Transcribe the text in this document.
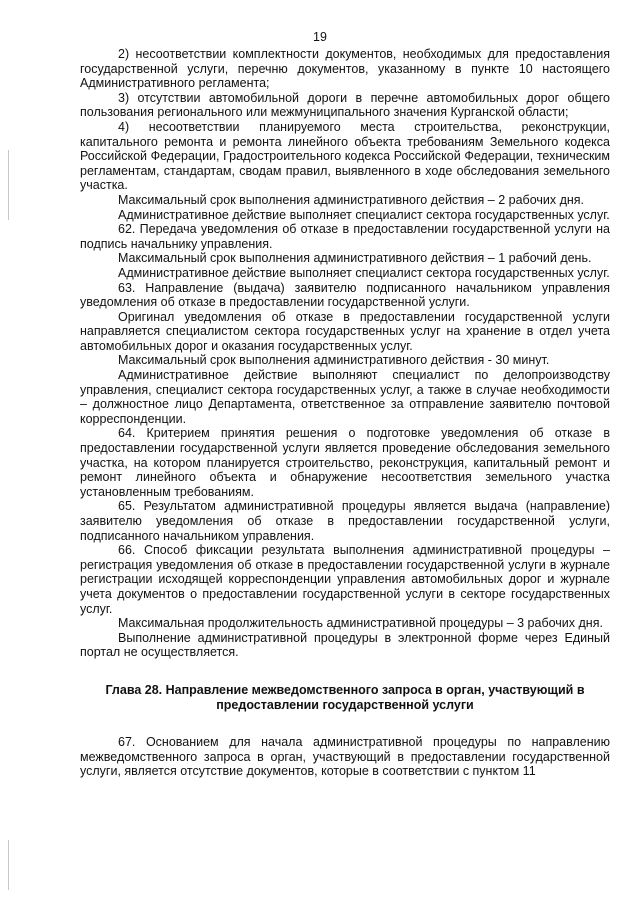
19

2) несоответствии комплектности документов, необходимых для предоставления государственной услуги, перечню документов, указанному в пункте 10 настоящего Административного регламента;

3) отсутствии автомобильной дороги в перечне автомобильных дорог общего пользования регионального или межмуниципального значения Курганской области;

4) несоответствии планируемого места строительства, реконструкции, капитального ремонта и ремонта линейного объекта требованиям Земельного кодекса Российской Федерации, Градостроительного кодекса Российской Федерации, техническим регламентам, стандартам, сводам правил, выявленного в ходе обследования земельного участка.

Максимальный срок выполнения административного действия – 2 рабочих дня.

Административное действие выполняет специалист сектора государственных услуг.

62. Передача уведомления об отказе в предоставлении государственной услуги на подпись начальнику управления.

Максимальный срок выполнения административного действия – 1 рабочий день.

Административное действие выполняет специалист сектора государственных услуг.

63. Направление (выдача) заявителю подписанного начальником управления уведомления об отказе в предоставлении государственной услуги.

Оригинал уведомления об отказе в предоставлении государственной услуги направляется специалистом сектора государственных услуг на хранение в отдел учета автомобильных дорог и оказания государственных услуг.

Максимальный срок выполнения административного действия - 30 минут.

Административное действие выполняют специалист по делопроизводству управления, специалист сектора государственных услуг, а также в случае необходимости – должностное лицо Департамента, ответственное за отправление заявителю почтовой корреспонденции.

64. Критерием принятия решения о подготовке уведомления об отказе в предоставлении государственной услуги является проведение обследования земельного участка, на котором планируется строительство, реконструкция, капитальный ремонт и ремонт линейного объекта и обнаружение несоответствия земельного участка установленным требованиям.

65. Результатом административной процедуры является выдача (направление) заявителю уведомления об отказе в предоставлении государственной услуги, подписанного начальником управления.

66. Способ фиксации результата выполнения административной процедуры – регистрация уведомления об отказе в предоставлении государственной услуги в журнале регистрации исходящей корреспонденции управления автомобильных дорог и журнале учета документов о предоставлении государственной услуги в секторе государственных услуг.

Максимальная продолжительность административной процедуры – 3 рабочих дня.

Выполнение административной процедуры в электронной форме через Единый портал не осуществляется.

Глава 28. Направление межведомственного запроса в орган, участвующий в предоставлении государственной услуги

67. Основанием для начала административной процедуры по направлению межведомственного запроса в орган, участвующий в предоставлении государственной услуги, является отсутствие документов, которые в соответствии с пунктом 11
